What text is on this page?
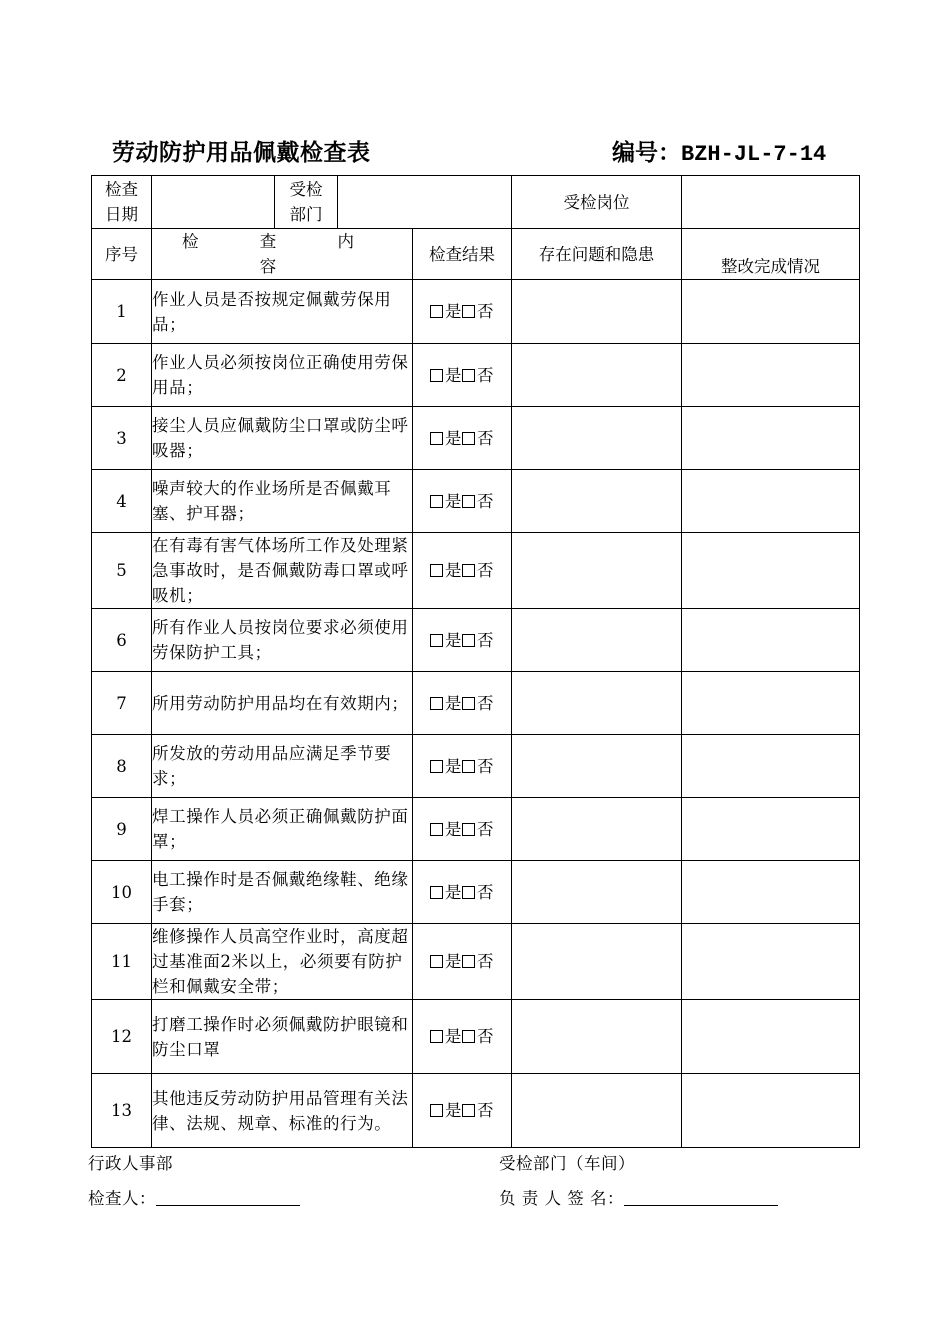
劳动防护用品佩戴检查表	编号：BZH-JL-7-14
检查日期		受检部门			受检岗位	
序号	检 查 内 容			检查结果	存在问题和隐患	整改完成情况
1	作业人员是否按规定佩戴劳保用品；			是 否		
2	作业人员必须按岗位正确使用劳保用品；			是 否		
3	接尘人员应佩戴防尘口罩或防尘呼吸器；			是 否		
4	噪声较大的作业场所是否佩戴耳塞、护耳器；			是 否		
5	在有毒有害气体场所工作及处理紧急事故时，是否佩戴防毒口罩或呼吸机；			是 否		
6	所有作业人员按岗位要求必须使用劳保防护工具；			是 否		
7	所用劳动防护用品均在有效期内；			是 否		
8	所发放的劳动用品应满足季节要求；			是 否		
9	焊工操作人员必须正确佩戴防护面罩；			是 否		
10	电工操作时是否佩戴绝缘鞋、绝缘手套；			是 否		
11	维修操作人员高空作业时，高度超过基准面2米以上，必须要有防护栏和佩戴安全带；			是 否		
12	打磨工操作时必须佩戴防护眼镜和防尘口罩			是 否		
13	其他违反劳动防护用品管理有关法律、法规、规章、标准的行为。			是 否		
行政人事部	受检部门（车间）
检查人：	负 责 人 签 名：
